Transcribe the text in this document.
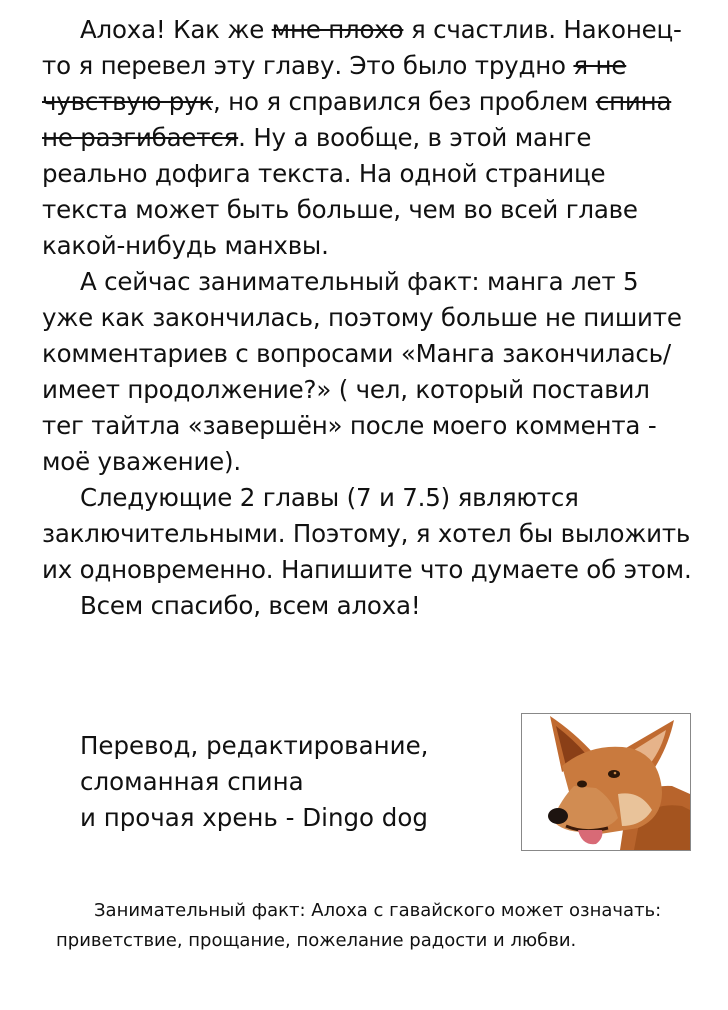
Алоха! Как же мне плохо я счастлив. Наконец-то я перевел эту главу. Это было трудно я не чувствую рук, но я справился без проблем спина не разгибается. Ну а вообще, в этой манге реально дофига текста. На одной странице текста может быть больше, чем во всей главе какой-нибудь манхвы.

А сейчас занимательный факт: манга лет 5 уже как закончилась, поэтому больше не пишите комментариев с вопросами «Манга закончилась/имеет продолжение?» ( чел, который поставил тег тайтла «завершён» после моего коммента - моё уважение).

Следующие 2 главы (7 и 7.5) являются заключительными. Поэтому, я хотел бы выложить их одновременно. Напишите что думаете об этом.

Всем спасибо, всем алоха!

Перевод, редактирование,
сломанная спина
и прочая хрень - Dingo dog
Занимательный факт: Алоха с гавайского может означать: приветствие, прощание, пожелание радости и любви.
